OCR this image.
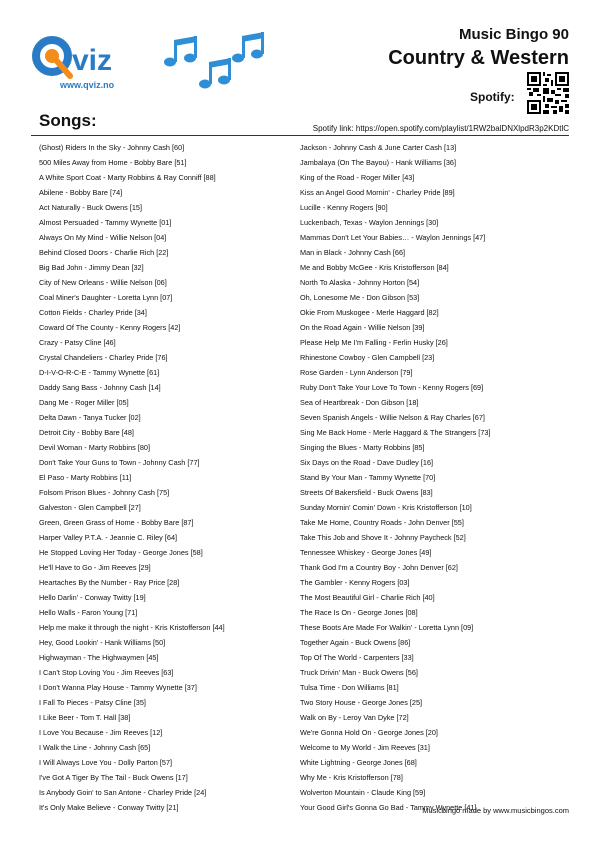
viz
www.qviz.no
Music Bingo 90
Country & Western
Spotify:
Songs:	Spotify link: https://open.spotify.com/playlist/1RW2balDNXlpdR3p2KDtlC
(Ghost) Riders In the Sky - Johnny Cash [60]
500 Miles Away from Home - Bobby Bare [51]
A White Sport Coat - Marty Robbins & Ray Conniff [88]
Abilene - Bobby Bare [74]
Act Naturally - Buck Owens [15]
Almost Persuaded - Tammy Wynette [01]
Always On My Mind - Willie Nelson [04]
Behind Closed Doors - Charlie Rich [22]
Big Bad John - Jimmy Dean [32]
City of New Orleans - Willie Nelson [06]
Coal Miner's Daughter - Loretta Lynn [07]
Cotton Fields - Charley Pride [34]
Coward Of The County - Kenny Rogers [42]
Crazy - Patsy Cline [46]
Crystal Chandeliers - Charley Pride [76]
D-I-V-O-R-C-E - Tammy Wynette [61]
Daddy Sang Bass - Johnny Cash [14]
Dang Me - Roger Miller [05]
Delta Dawn - Tanya Tucker [02]
Detroit City - Bobby Bare [48]
Devil Woman - Marty Robbins [80]
Don't Take Your Guns to Town - Johnny Cash [77]
El Paso - Marty Robbins [11]
Folsom Prison Blues - Johnny Cash [75]
Galveston - Glen Campbell [27]
Green, Green Grass of Home - Bobby Bare [87]
Harper Valley P.T.A. - Jeannie C. Riley [64]
He Stopped Loving Her Today - George Jones [58]
He'll Have to Go - Jim Reeves [29]
Heartaches By the Number - Ray Price [28]
Hello Darlin' - Conway Twitty [19]
Hello Walls - Faron Young [71]
Help me make it through the night - Kris Kristofferson [44]
Hey, Good Lookin' - Hank Williams [50]
Highwayman - The Highwaymen [45]
I Can't Stop Loving You - Jim Reeves [63]
I Don't Wanna Play House - Tammy Wynette [37]
I Fall To Pieces - Patsy Cline [35]
I Like Beer - Tom T. Hall [38]
I Love You Because - Jim Reeves [12]
I Walk the Line - Johnny Cash [65]
I Will Always Love You - Dolly Parton [57]
I've Got A Tiger By The Tail - Buck Owens [17]
Is Anybody Goin' to San Antone - Charley Pride [24]
It's Only Make Believe - Conway Twitty [21]
Jackson - Johnny Cash & June Carter Cash [13]
Jambalaya (On The Bayou) - Hank Williams [36]
King of the Road - Roger Miller [43]
Kiss an Angel Good Mornin' - Charley Pride [89]
Lucille - Kenny Rogers [90]
Luckenbach, Texas - Waylon Jennings [30]
Mammas Don't Let Your Babies… - Waylon Jennings [47]
Man in Black - Johnny Cash [66]
Me and Bobby McGee - Kris Kristofferson [84]
North To Alaska - Johnny Horton [54]
Oh, Lonesome Me - Don Gibson [53]
Okie From Muskogee - Merle Haggard [82]
On the Road Again - Willie Nelson [39]
Please Help Me I'm Falling - Ferlin Husky [26]
Rhinestone Cowboy - Glen Campbell [23]
Rose Garden - Lynn Anderson [79]
Ruby Don't Take Your Love To Town - Kenny Rogers [69]
Sea of Heartbreak - Don Gibson [18]
Seven Spanish Angels - Willie Nelson & Ray Charles [67]
Sing Me Back Home - Merle Haggard & The Strangers [73]
Singing the Blues - Marty Robbins [85]
Six Days on the Road - Dave Dudley [16]
Stand By Your Man - Tammy Wynette [70]
Streets Of Bakersfield - Buck Owens [83]
Sunday Mornin' Comin' Down - Kris Kristofferson [10]
Take Me Home, Country Roads - John Denver [55]
Take This Job and Shove It - Johnny Paycheck [52]
Tennessee Whiskey - George Jones [49]
Thank God I'm a Country Boy - John Denver [62]
The Gambler - Kenny Rogers [03]
The Most Beautiful Girl - Charlie Rich [40]
The Race Is On - George Jones [08]
These Boots Are Made For Walkin' - Loretta Lynn [09]
Together Again - Buck Owens [86]
Top Of The World - Carpenters [33]
Truck Drivin' Man - Buck Owens [56]
Tulsa Time - Don Williams [81]
Two Story House - George Jones [25]
Walk on By - Leroy Van Dyke [72]
We're Gonna Hold On - George Jones [20]
Welcome to My World - Jim Reeves [31]
White Lightning - George Jones [68]
Why Me - Kris Kristofferson [78]
Wolverton Mountain - Claude King [59]
Your Good Girl's Gonna Go Bad - Tammy Wynette [41]
Musicbingo made by www.musicbingos.com
